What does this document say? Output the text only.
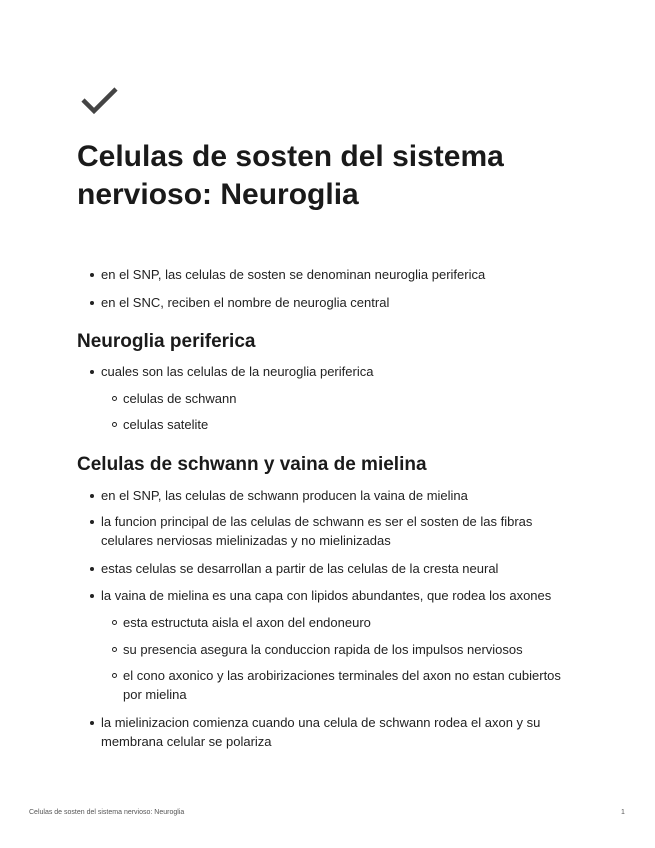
Celulas de sosten del sistema nervioso: Neuroglia
en el SNP, las celulas de sosten se denominan neuroglia periferica
en el SNC, reciben el nombre de neuroglia central
Neuroglia periferica
cuales son las celulas de la neuroglia periferica
celulas de schwann
celulas satelite
Celulas de schwann y vaina de mielina
en el SNP, las celulas de schwann producen la vaina de mielina
la funcion principal de las celulas de schwann es ser el sosten de las fibras celulares nerviosas mielinizadas y no mielinizadas
estas celulas se desarrollan a partir de las celulas de la cresta neural
la vaina de mielina es una capa con lipidos abundantes, que rodea los axones
esta estructuta aisla el axon del endoneuro
su presencia asegura la conduccion rapida de los impulsos nerviosos
el cono axonico y las arobirizaciones terminales del axon no estan cubiertos por mielina
la mielinizacion comienza cuando una celula de schwann rodea el axon y su membrana celular se polariza
Celulas de sosten del sistema nervioso: Neuroglia	1
